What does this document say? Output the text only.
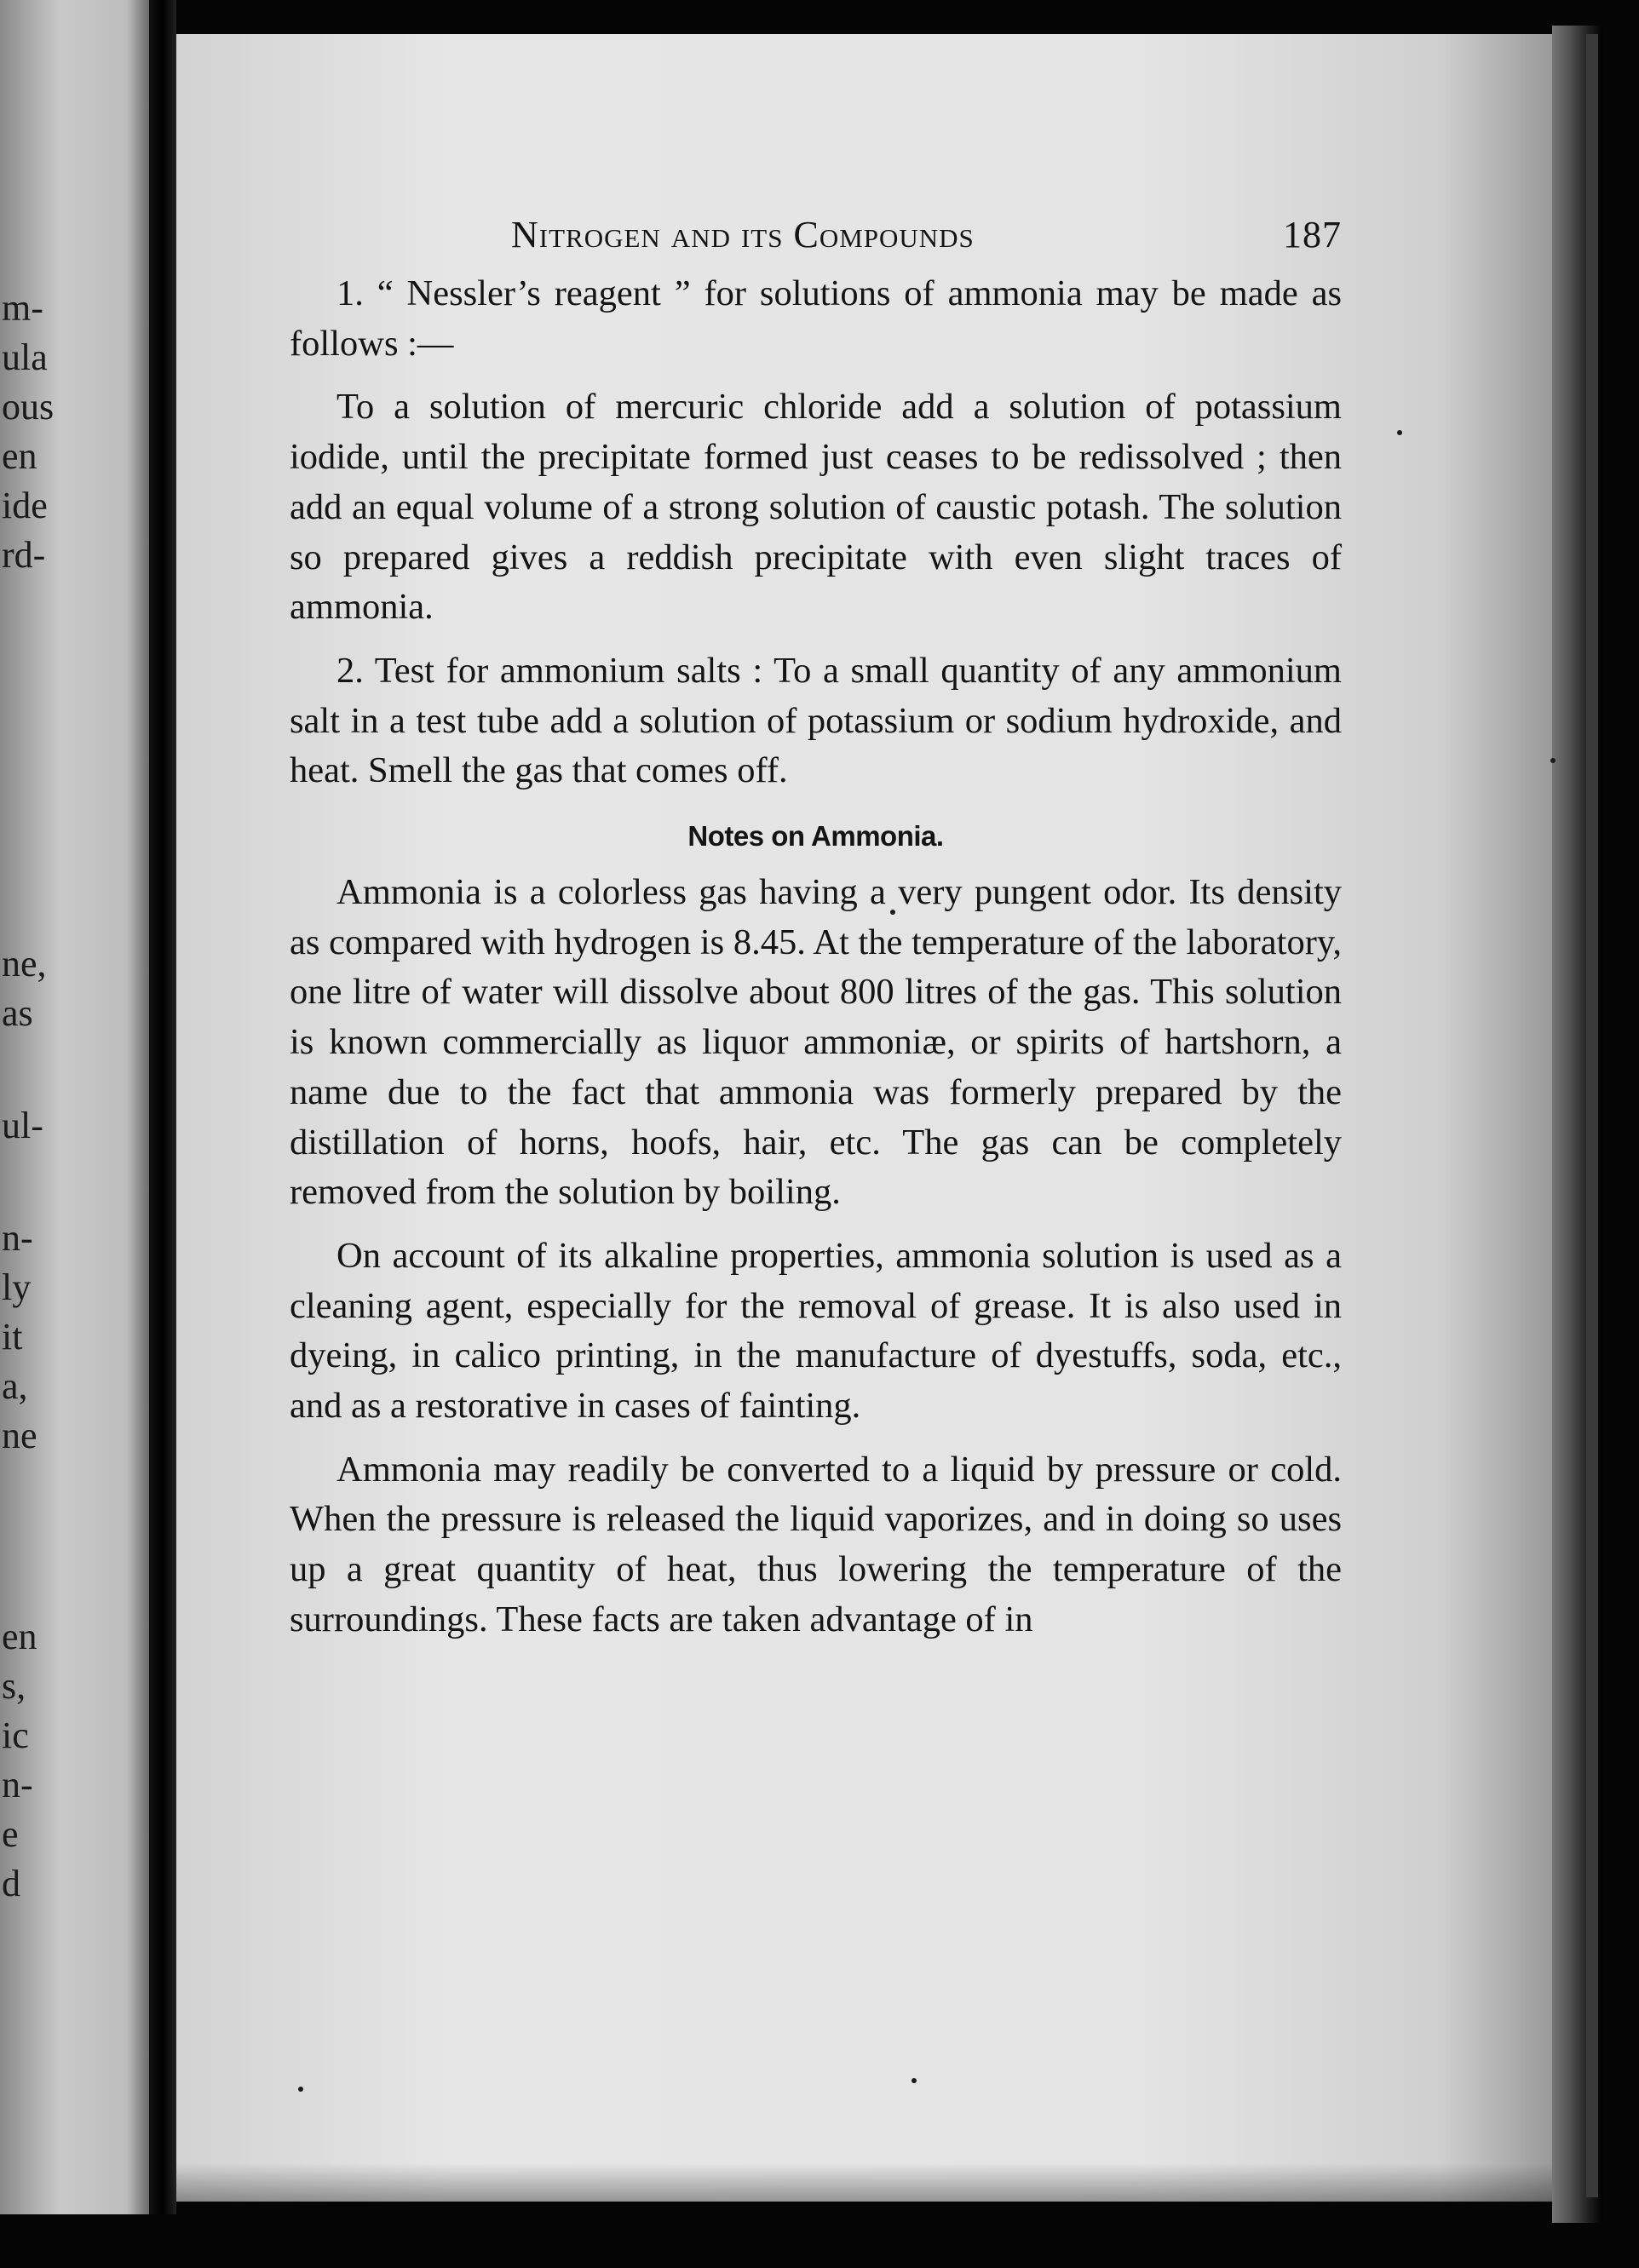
m-
ula
ous
en
ide
rd-
ne,
as
ul-
n-
ly
it
a,
ne
en
s,
ic
n-
e
d
Nitrogen and its Compounds	187

1. “ Nessler’s reagent ” for solutions of ammonia may be made as follows :—

To a solution of mercuric chloride add a solution of potassium iodide, until the precipitate formed just ceases to be redissolved ; then add an equal volume of a strong solution of caustic potash. The solution so prepared gives a reddish precipitate with even slight traces of ammonia.

2. Test for ammonium salts : To a small quantity of any ammonium salt in a test tube add a solution of potassium or sodium hydroxide, and heat. Smell the gas that comes off.

Notes on Ammonia.

Ammonia is a colorless gas having a very pungent odor. Its density as compared with hydrogen is 8.45. At the temperature of the laboratory, one litre of water will dissolve about 800 litres of the gas. This solution is known commercially as liquor ammoniæ, or spirits of hartshorn, a name due to the fact that ammonia was formerly prepared by the distillation of horns, hoofs, hair, etc. The gas can be completely removed from the solution by boiling.

On account of its alkaline properties, ammonia solution is used as a cleaning agent, especially for the removal of grease. It is also used in dyeing, in calico printing, in the manufacture of dyestuffs, soda, etc., and as a restorative in cases of fainting.

Ammonia may readily be converted to a liquid by pressure or cold. When the pressure is released the liquid vaporizes, and in doing so uses up a great quantity of heat, thus lowering the temperature of the surroundings. These facts are taken advantage of in
